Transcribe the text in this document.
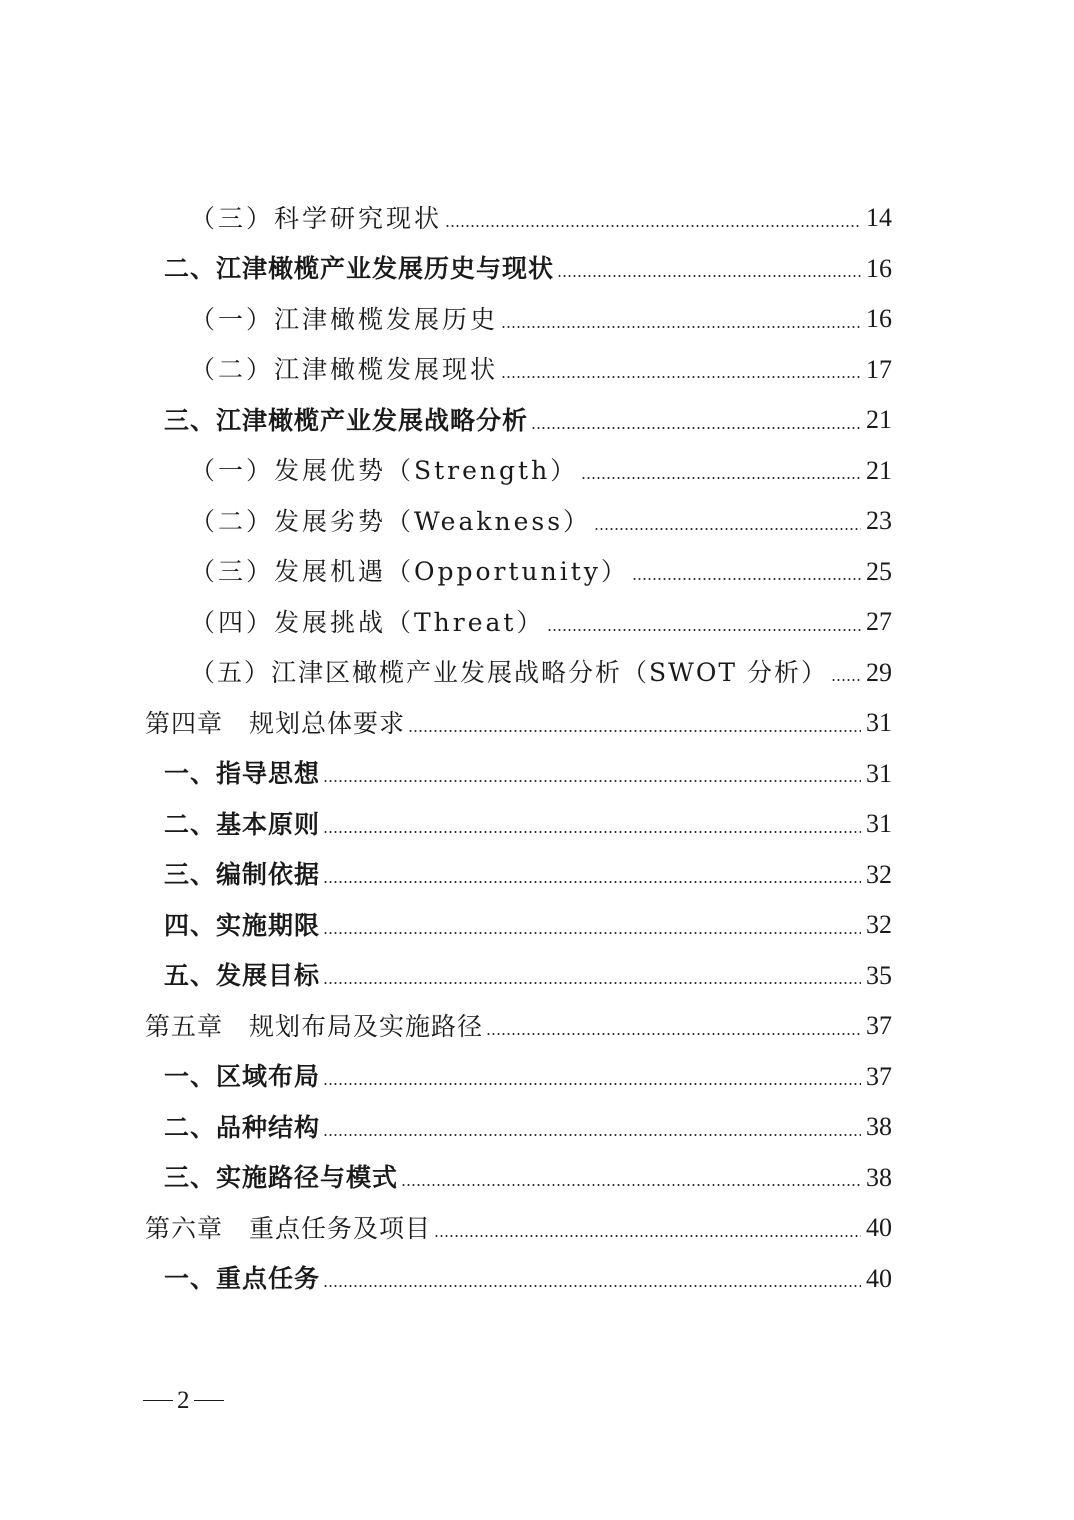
（三）科学研究现状	14
二、江津橄榄产业发展历史与现状	16
（一）江津橄榄发展历史	16
（二）江津橄榄发展现状	17
三、江津橄榄产业发展战略分析	21
（一）发展优势（Strength）	21
（二）发展劣势（Weakness）	23
（三）发展机遇（Opportunity）	25
（四）发展挑战（Threat）	27
（五）江津区橄榄产业发展战略分析（SWOT 分析） 29
第四章　规划总体要求	31
一、指导思想	31
二、基本原则	31
三、编制依据	32
四、实施期限	32
五、发展目标	35
第五章　规划布局及实施路径	37
一、区域布局	37
二、品种结构	38
三、实施路径与模式	38
第六章　重点任务及项目	40
一、重点任务	40
2
